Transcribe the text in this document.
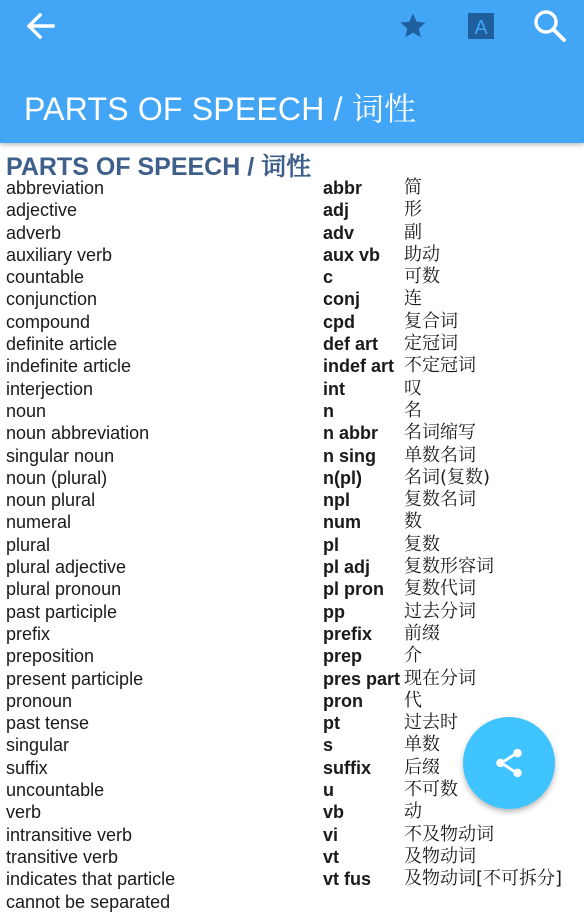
A
PARTS OF SPEECH / 词性
PARTS OF SPEECH / 词性
abbreviation	abbr 简
adjective	adj	形
adverb	adv	副
auxiliary verb	aux vb 助动
countable	c	可数
conjunction	conj 连
compound	cpd	复合词
definite article	def art 定冠词
indefinite article	indef art 不定冠词
interjection	int	叹
noun	n	名
noun abbreviation	n abbr 名词缩写
singular noun	n sing 单数名词
noun (plural)	n(pl) 名词(复数)
noun plural	npl	复数名词
numeral	num 数
plural	pl	复数
plural adjective	pl adj 复数形容词
plural pronoun	pl pron 复数代词
past participle	pp	过去分词
prefix	prefix 前缀
preposition	prep 介
present participle	pres part 现在分词
pronoun	pron 代
past tense	pt	过去时
singular	s	单数
suffix	suffix 后缀
uncountable	u	不可数
verb	vb	动
intransitive verb	vi	不及物动词
transitive verb	vt	及物动词
indicates that particle	vt fus 及物动词[不可拆分]
cannot be separated
